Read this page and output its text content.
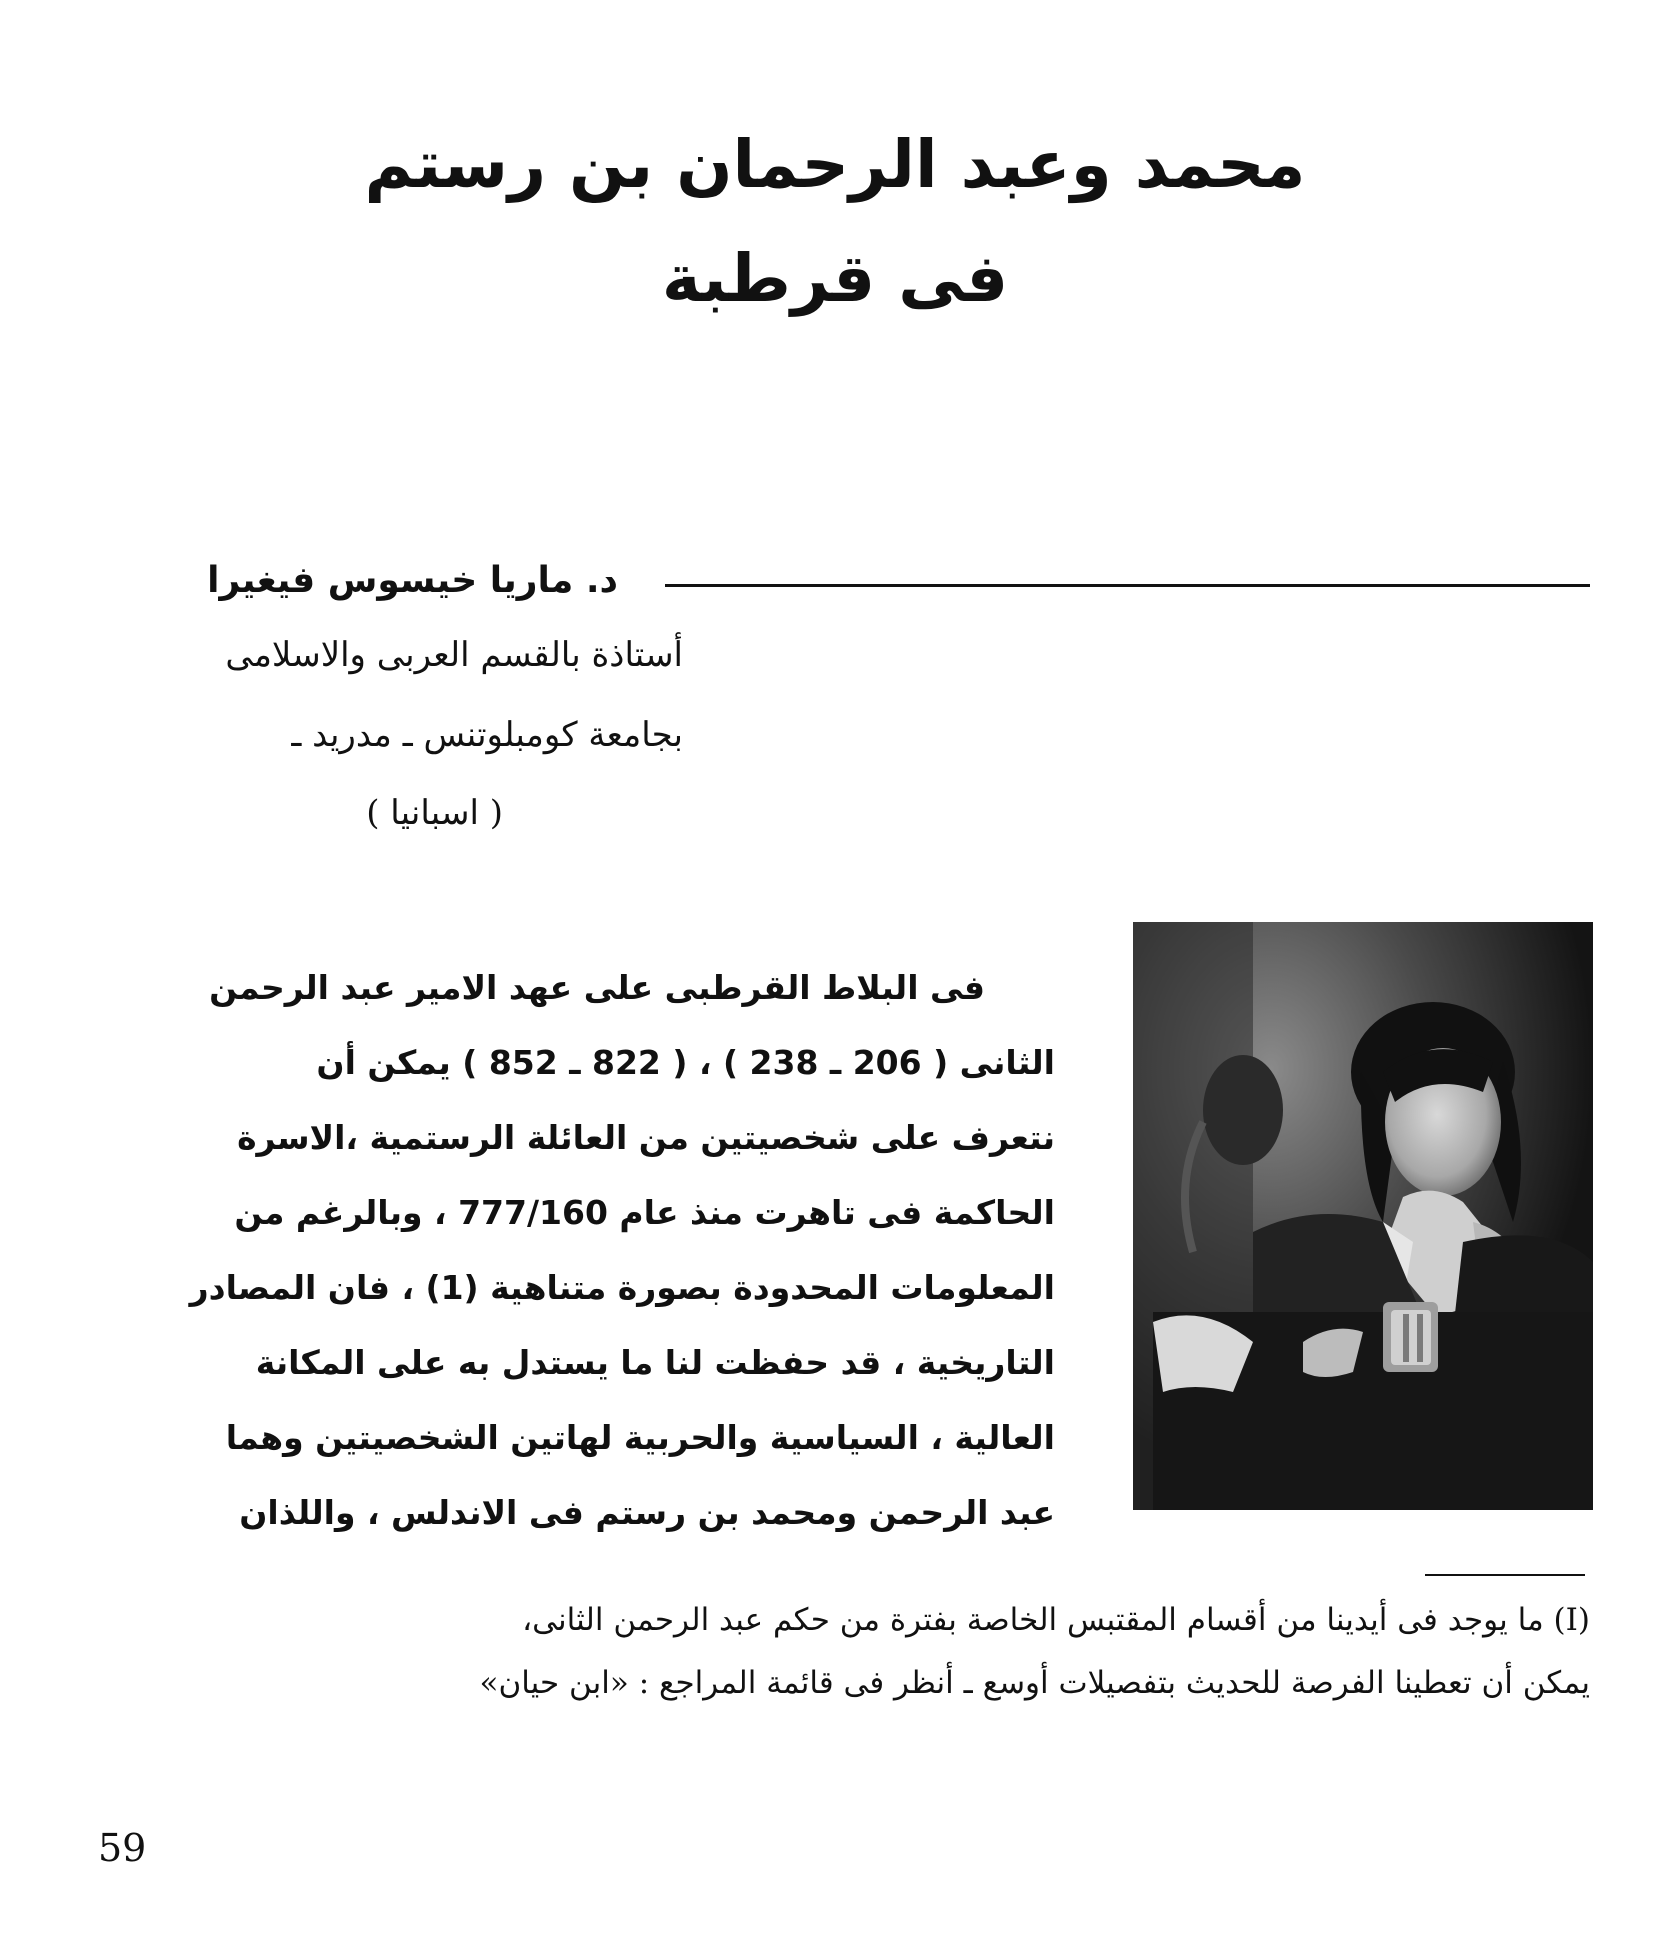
محمد وعبد الرحمان بن رستم
فى قرطبة
د. ماريا خيسوس فيغيرا
أستاذة بالقسم العربى والاسلامى
بجامعة كومبلوتنس ـ مدريد ـ
( اسبانيا )
فى البلاط القرطبى على عهد الامير عبد الرحمن
الثانى ( 206 ـ 238 ) ، ( 822 ـ 852 ) يمكن أن
نتعرف على شخصيتين من العائلة الرستمية ،الاسرة
الحاكمة فى تاهرت منذ عام 777/160 ، وبالرغم من
المعلومات المحدودة بصورة متناهية (1) ، فان المصادر
التاريخية ، قد حفظت لنا ما يستدل به على المكانة
العالية ، السياسية والحربية لهاتين الشخصيتين وهما
عبد الرحمن ومحمد بن رستم فى الاندلس ، واللذان
(I) ما يوجد فى أيدينا من أقسام المقتبس الخاصة بفترة من حكم عبد الرحمن الثانى،
يمكن أن تعطينا الفرصة للحديث بتفصيلات أوسع ـ أنظر فى قائمة المراجع : «ابن حيان»
59
